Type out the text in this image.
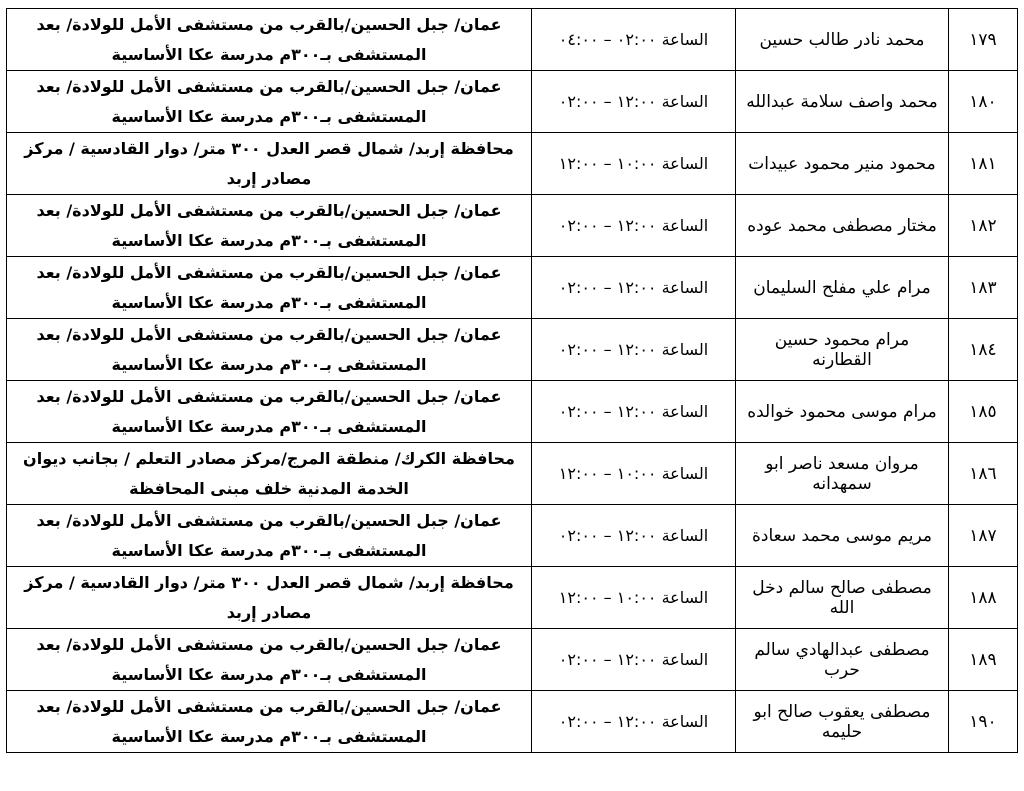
١٧٩	محمد نادر طالب حسين	الساعة ٠٢:٠٠ – ٠٤:٠٠	عمان/ جبل الحسين/بالقرب من مستشفى الأمل للولادة/ بعد المستشفى بـ٣٠٠م مدرسة عكا الأساسية
١٨٠	محمد واصف سلامة عبدالله	الساعة ١٢:٠٠ – ٠٢:٠٠	عمان/ جبل الحسين/بالقرب من مستشفى الأمل للولادة/ بعد المستشفى بـ٣٠٠م مدرسة عكا الأساسية
١٨١	محمود منير محمود عبيدات	الساعة ١٠:٠٠ – ١٢:٠٠	محافظة إربد/ شمال قصر العدل ٣٠٠ متر/ دوار القادسية / مركز مصادر إربد
١٨٢	مختار مصطفى محمد عوده	الساعة ١٢:٠٠ – ٠٢:٠٠	عمان/ جبل الحسين/بالقرب من مستشفى الأمل للولادة/ بعد المستشفى بـ٣٠٠م مدرسة عكا الأساسية
١٨٣	مرام علي مفلح السليمان	الساعة ١٢:٠٠ – ٠٢:٠٠	عمان/ جبل الحسين/بالقرب من مستشفى الأمل للولادة/ بعد المستشفى بـ٣٠٠م مدرسة عكا الأساسية
١٨٤	مرام محمود حسين القطارنه	الساعة ١٢:٠٠ – ٠٢:٠٠	عمان/ جبل الحسين/بالقرب من مستشفى الأمل للولادة/ بعد المستشفى بـ٣٠٠م مدرسة عكا الأساسية
١٨٥	مرام موسى محمود خوالده	الساعة ١٢:٠٠ – ٠٢:٠٠	عمان/ جبل الحسين/بالقرب من مستشفى الأمل للولادة/ بعد المستشفى بـ٣٠٠م مدرسة عكا الأساسية
١٨٦	مروان مسعد ناصر ابو سمهدانه	الساعة ١٠:٠٠ – ١٢:٠٠	محافظة الكرك/ منطقة المرج/مركز مصادر التعلم / بجانب ديوان الخدمة المدنية خلف مبنى المحافظة
١٨٧	مريم موسى محمد سعادة	الساعة ١٢:٠٠ – ٠٢:٠٠	عمان/ جبل الحسين/بالقرب من مستشفى الأمل للولادة/ بعد المستشفى بـ٣٠٠م مدرسة عكا الأساسية
١٨٨	مصطفى صالح سالم دخل الله	الساعة ١٠:٠٠ – ١٢:٠٠	محافظة إربد/ شمال قصر العدل ٣٠٠ متر/ دوار القادسية / مركز مصادر إربد
١٨٩	مصطفى عبدالهادي سالم حرب	الساعة ١٢:٠٠ – ٠٢:٠٠	عمان/ جبل الحسين/بالقرب من مستشفى الأمل للولادة/ بعد المستشفى بـ٣٠٠م مدرسة عكا الأساسية
١٩٠	مصطفى يعقوب صالح ابو حليمه	الساعة ١٢:٠٠ – ٠٢:٠٠	عمان/ جبل الحسين/بالقرب من مستشفى الأمل للولادة/ بعد المستشفى بـ٣٠٠م مدرسة عكا الأساسية
